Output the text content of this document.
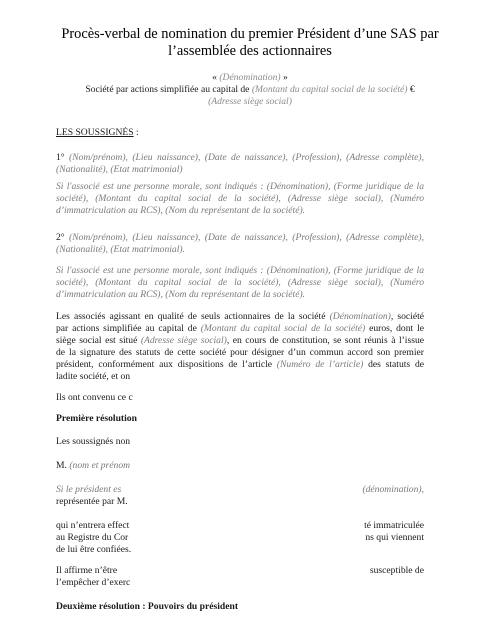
Procès-verbal de nomination du premier Président d’une SAS par l’assemblée des actionnaires
« (Dénomination) »
Société par actions simplifiée au capital de (Montant du capital social de la société) €
(Adresse siège social)
LES SOUSSIGNÉS :
1° (Nom/prénom), (Lieu naissance), (Date de naissance), (Profession), (Adresse complète),
(Nationalité), (Etat matrimonial)
Si l'associé est une personne morale, sont indiqués : (Dénomination), (Forme juridique de la
société), (Montant du capital social de la société), (Adresse siège social), (Numéro
d’immatriculation au RCS), (Nom du représentant de la société).
2° (Nom/prénom), (Lieu naissance), (Date de naissance), (Profession), (Adresse complète),
(Nationalité), (Etat matrimonial).
Si l'associé est une personne morale, sont indiqués : (Dénomination), (Forme juridique de la
société), (Montant du capital social de la société), (Adresse siège social), (Numéro
d’immatriculation au RCS), (Nom du représentant de la société).
Les associés agissant en qualité de seuls actionnaires de la société (Dénomination), société
par actions simplifiée au capital de (Montant du capital social de la société) euros, dont le
siège social est situé (Adresse siège social), en cours de constitution, se sont réunis à l’issue
de la signature des statuts de cette société pour désigner d’un commun accord son premier
président, conformément aux dispositions de l’article (Numéro de l’article) des statuts de
ladite société, et on
Ils ont convenu ce c
Première résolution
Les soussignés non
M. (nom et prénom
Si le président es	(dénomination),
représentée par M.
qui n’entrera effect	té immatriculée
au Registre du Cor	ns qui viennent
de lui être confiées.
Il affirme n’être	susceptible de
l’empêcher d’exerc
Deuxième résolution : Pouvoirs du président
